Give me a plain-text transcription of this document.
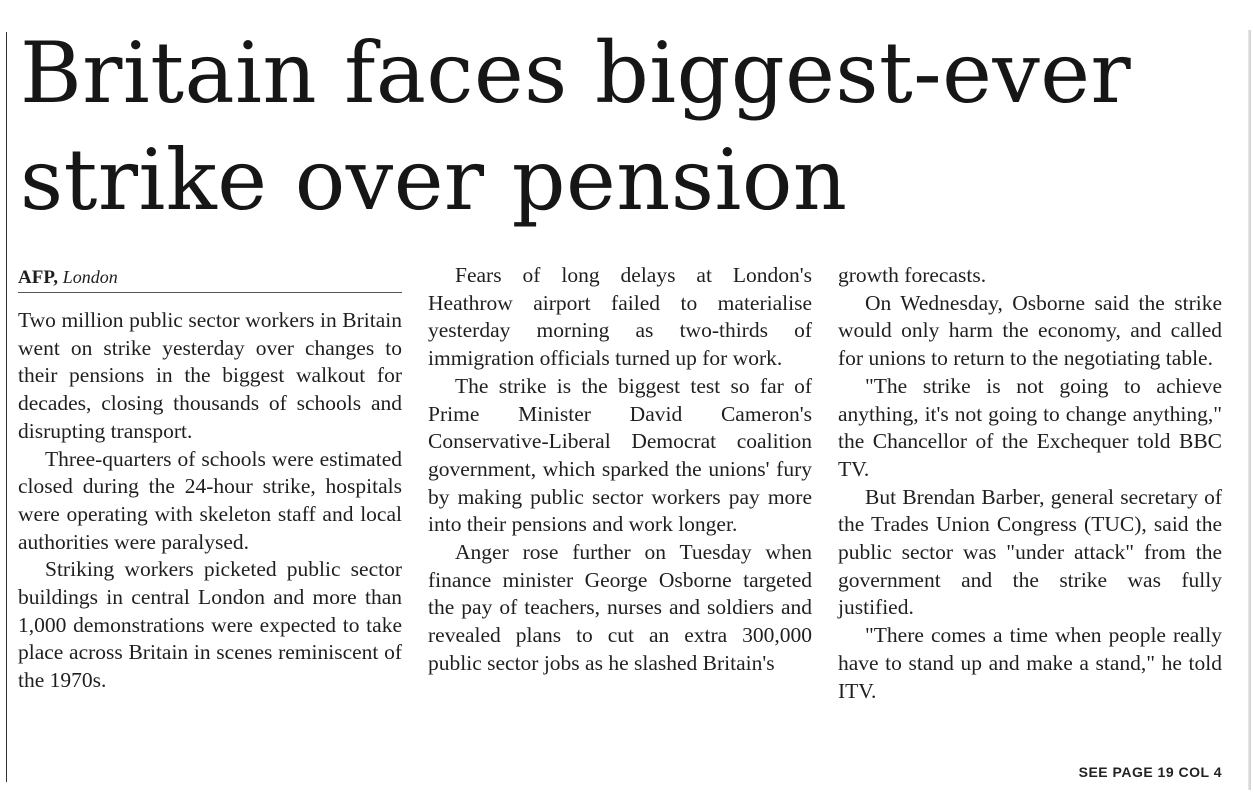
Britain faces biggest-ever strike over pension
AFP, London

Two million public sector workers in Britain went on strike yesterday over changes to their pensions in the biggest walkout for decades, closing thousands of schools and disrupting transport.

Three-quarters of schools were estimated closed during the 24-hour strike, hospitals were operating with skeleton staff and local authorities were paralysed.

Striking workers picketed public sector buildings in central London and more than 1,000 demonstrations were expected to take place across Britain in scenes reminiscent of the 1970s.

Fears of long delays at London's Heathrow airport failed to materialise yesterday morning as two-thirds of immigration officials turned up for work.

The strike is the biggest test so far of Prime Minister David Cameron's Conservative-Liberal Democrat coalition government, which sparked the unions' fury by making public sector workers pay more into their pensions and work longer.

Anger rose further on Tuesday when finance minister George Osborne targeted the pay of teachers, nurses and soldiers and revealed plans to cut an extra 300,000 public sector jobs as he slashed Britain's

growth forecasts.

On Wednesday, Osborne said the strike would only harm the economy, and called for unions to return to the negotiating table.

"The strike is not going to achieve anything, it's not going to change anything," the Chancellor of the Exchequer told BBC TV.

But Brendan Barber, general secretary of the Trades Union Congress (TUC), said the public sector was "under attack" from the government and the strike was fully justified.

"There comes a time when people really have to stand up and make a stand," he told ITV.

SEE PAGE 19 COL 4
